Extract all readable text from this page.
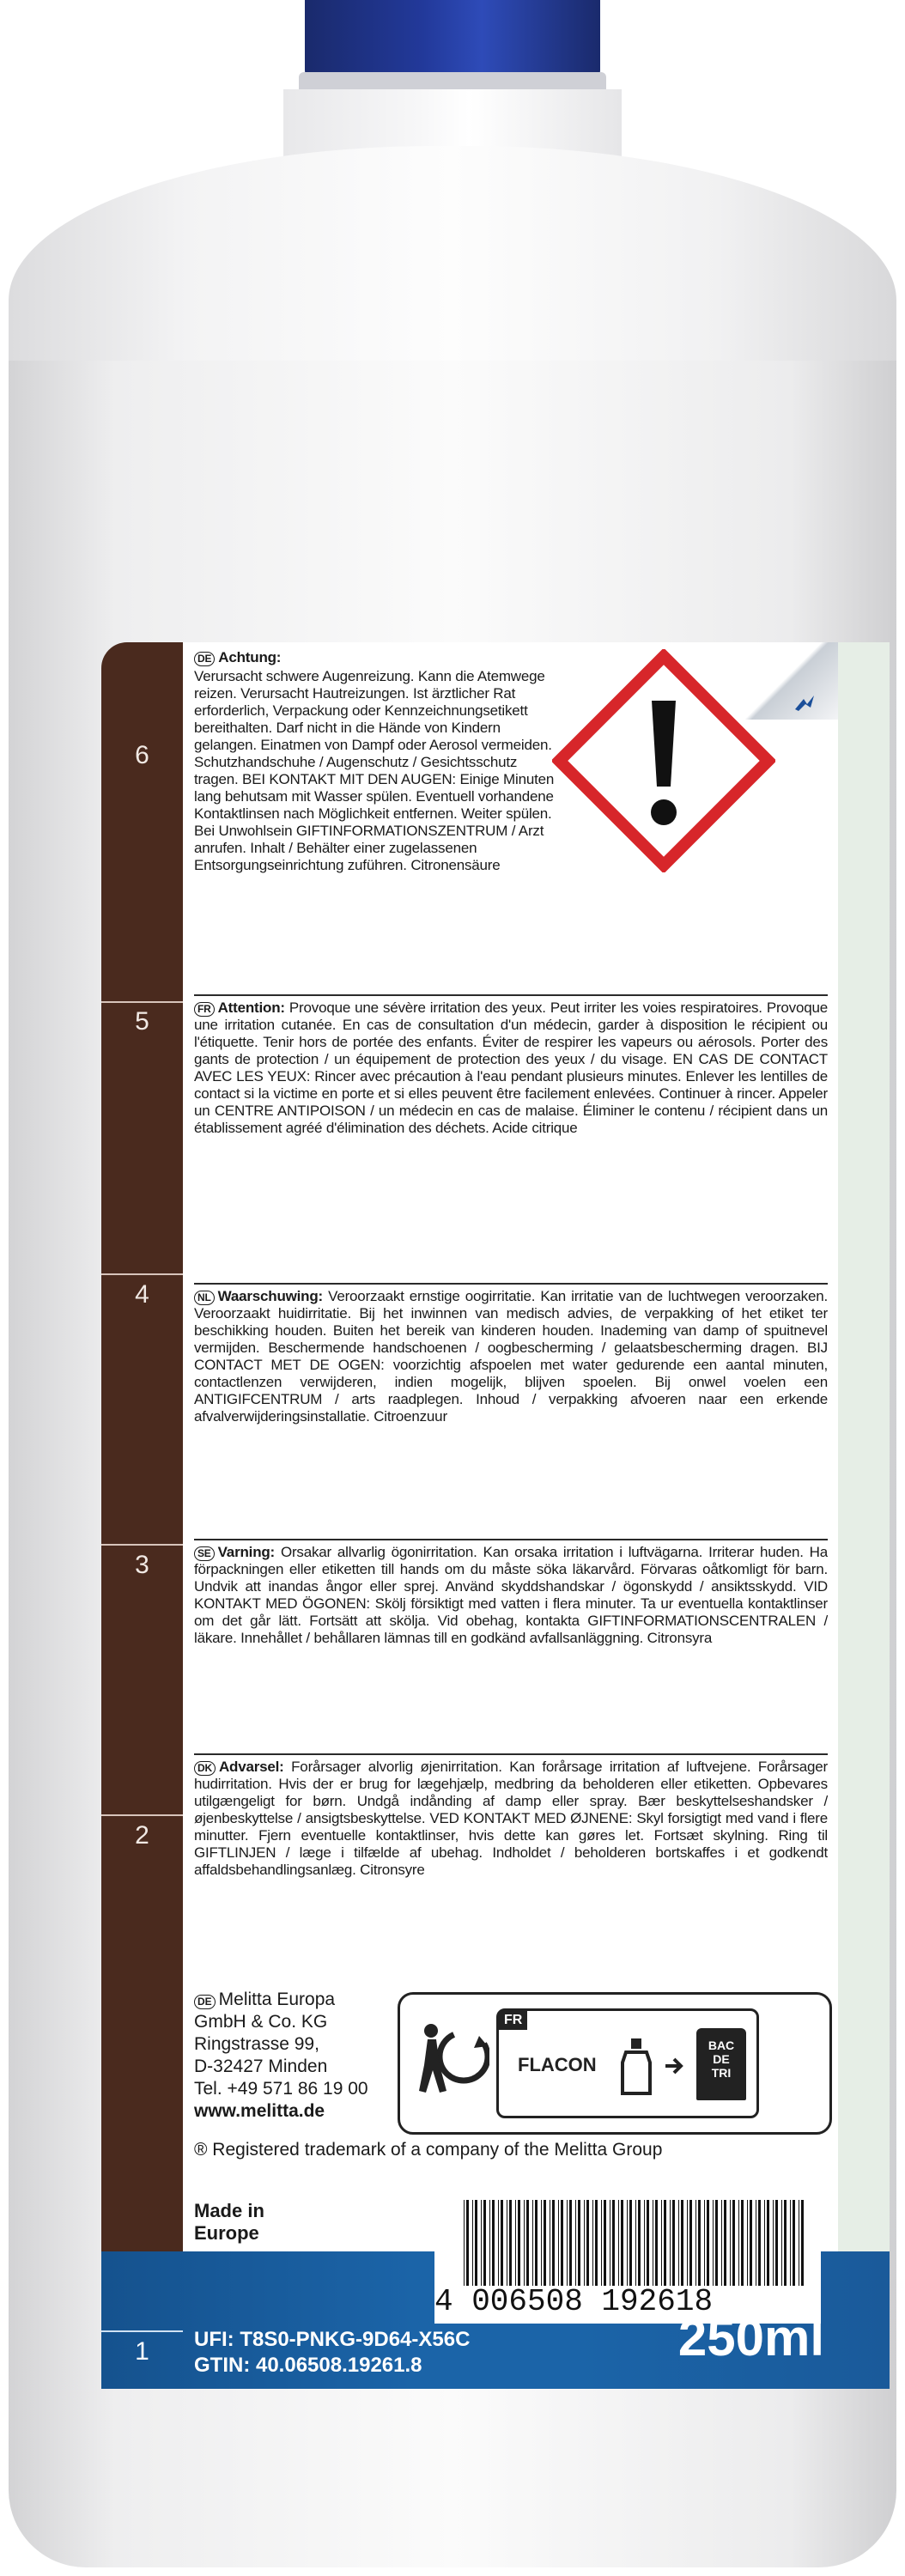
6
5
4
3
2
DE Achtung:
Verursacht schwere Augenreizung. Kann die Atemwege reizen. Verursacht Hautreizungen. Ist ärztlicher Rat erforderlich, Verpackung oder Kennzeichnungsetikett bereithalten. Darf nicht in die Hände von Kindern gelangen. Einatmen von Dampf oder Aerosol vermeiden. Schutzhandschuhe / Augenschutz / Gesichtsschutz tragen. BEI KONTAKT MIT DEN AUGEN: Einige Minuten lang behutsam mit Wasser spülen. Eventuell vorhandene Kontaktlinsen nach Möglichkeit entfernen. Weiter spülen. Bei Unwohlsein GIFTINFORMATIONSZENTRUM / Arzt anrufen. Inhalt / Behälter einer zugelassenen Entsorgungseinrichtung zuführen. Citronensäure
FR Attention: Provoque une sévère irritation des yeux. Peut irriter les voies respiratoires. Provoque une irritation cutanée. En cas de consultation d'un médecin, garder à disposition le récipient ou l'étiquette. Tenir hors de portée des enfants. Éviter de respirer les vapeurs ou aérosols. Porter des gants de protection / un équipement de protection des yeux / du visage. EN CAS DE CONTACT AVEC LES YEUX: Rincer avec précaution à l'eau pendant plusieurs minutes. Enlever les lentilles de contact si la victime en porte et si elles peuvent être facilement enlevées. Continuer à rincer. Appeler un CENTRE ANTIPOISON / un médecin en cas de malaise. Éliminer le contenu / récipient dans un établissement agréé d'élimination des déchets. Acide citrique
NL Waarschuwing: Veroorzaakt ernstige oogirritatie. Kan irritatie van de luchtwegen veroorzaken. Veroorzaakt huidirritatie. Bij het inwinnen van medisch advies, de verpakking of het etiket ter beschikking houden. Buiten het bereik van kinderen houden. Inademing van damp of spuitnevel vermijden. Beschermende handschoenen / oogbescherming / gelaatsbescherming dragen. BIJ CONTACT MET DE OGEN: voorzichtig afspoelen met water gedurende een aantal minuten, contactlenzen verwijderen, indien mogelijk, blijven spoelen. Bij onwel voelen een ANTIGIFCENTRUM / arts raadplegen. Inhoud / verpakking afvoeren naar een erkende afvalverwijderingsinstallatie. Citroenzuur
SE Varning: Orsakar allvarlig ögonirritation. Kan orsaka irritation i luftvägarna. Irriterar huden. Ha förpackningen eller etiketten till hands om du måste söka läkarvård. Förvaras oåtkomligt för barn. Undvik att inandas ångor eller sprej. Använd skyddshandskar / ögonskydd / ansiktsskydd. VID KONTAKT MED ÖGONEN: Skölj försiktigt med vatten i flera minuter. Ta ur eventuella kontaktlinser om det går lätt. Fortsätt att skölja. Vid obehag, kontakta GIFTINFORMATIONSCENTRALEN / läkare. Innehållet / behållaren lämnas till en godkänd avfallsanläggning. Citronsyra
DK Advarsel: Forårsager alvorlig øjenirritation. Kan forårsage irritation af luftvejene. Forårsager hudirritation. Hvis der er brug for lægehjælp, medbring da beholderen eller etiketten. Opbevares utilgængeligt for børn. Undgå indånding af damp eller spray. Bær beskyttelseshandsker / øjenbeskyttelse / ansigtsbeskyttelse. VED KONTAKT MED ØJNENE: Skyl forsigtigt med vand i flere minutter. Fjern eventuelle kontaktlinser, hvis dette kan gøres let. Fortsæt skylning. Ring til GIFTLINJEN / læge i tilfælde af ubehag. Indholdet / beholderen bortskaffes i et godkendt affaldsbehandlingsanlæg. Citronsyre
DE Melitta Europa
GmbH & Co. KG
Ringstrasse 99,
D-32427 Minden
Tel. +49 571 86 19 00
www.melitta.de
FR
FLACON
BAC
DE
TRI
® Registered trademark of a company of the Melitta Group
Made in
Europe
1
4 006508 192618
UFI: T8S0-PNKG-9D64-X56C
GTIN: 40.06508.19261.8	250ml
